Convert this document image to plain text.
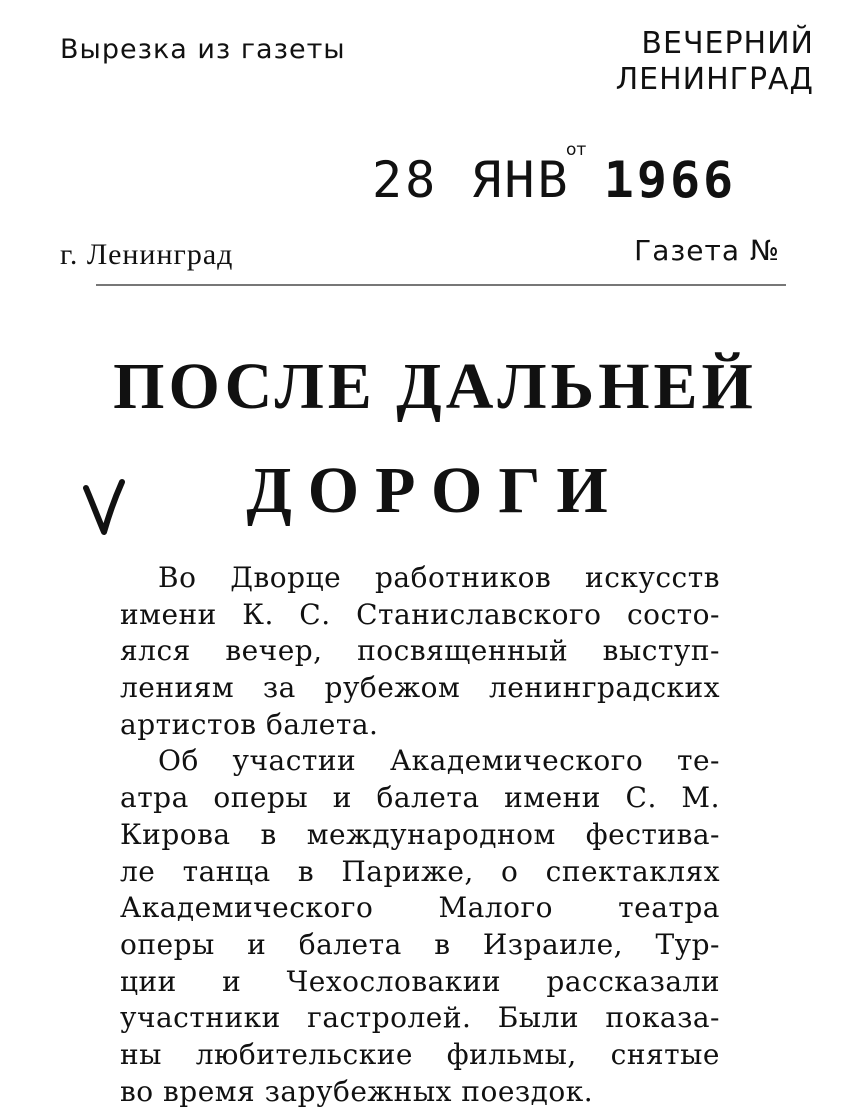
Вырезка из газеты	ВЕЧЕРНИЙ
ЛЕНИНГРАД
от
28 ЯНВ 1966
г. Ленинград	Газета №
ПОСЛЕ ДАЛЬНЕЙ
ДОРОГИ
Во Дворце работников искусств
имени К. С. Станиславского состо-
ялся вечер, посвященный выступ-
лениям за рубежом ленинградских
артистов балета.
Об участии Академического те-
атра оперы и балета имени С. М.
Кирова в международном фестива-
ле танца в Париже, о спектаклях
Академического Малого театра
оперы и балета в Израиле, Тур-
ции и Чехословакии рассказали
участники гастролей. Были показа-
ны любительские фильмы, снятые
во время зарубежных поездок.
